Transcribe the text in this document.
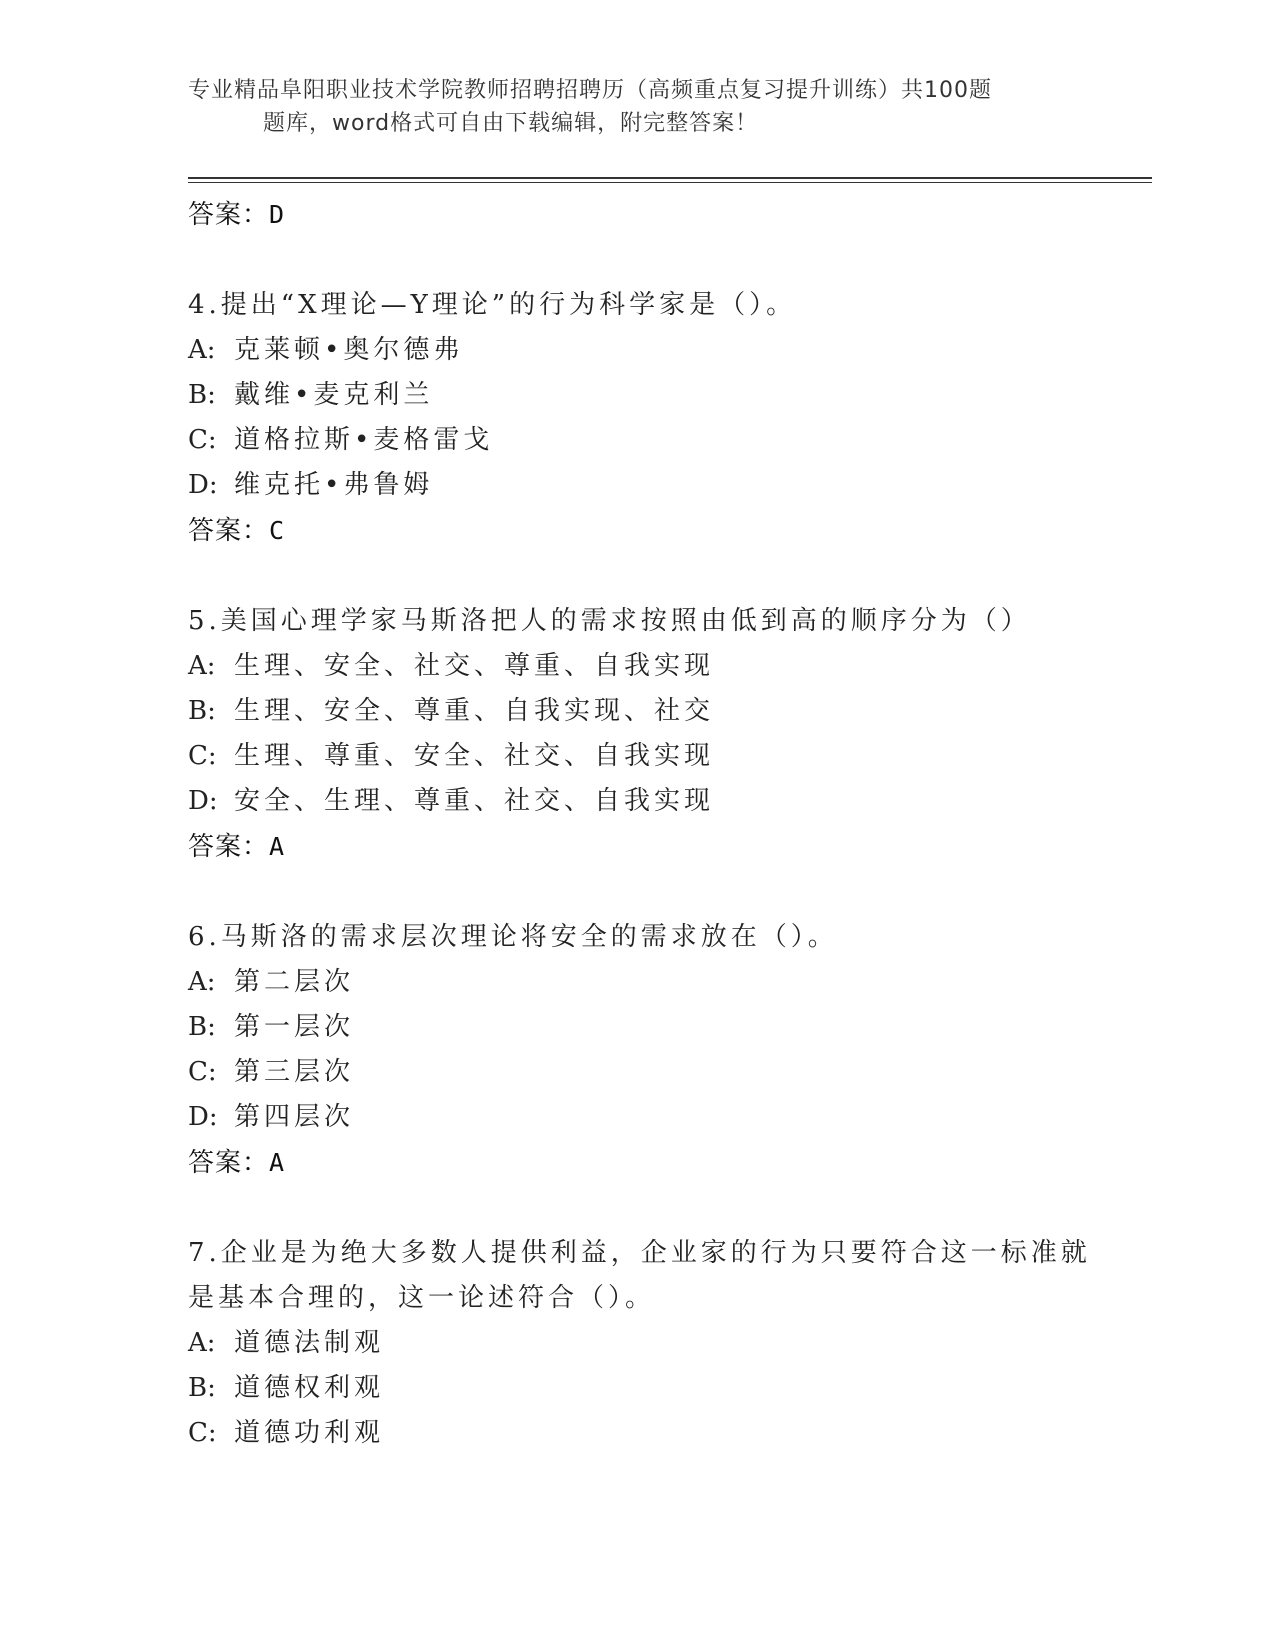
专业精品阜阳职业技术学院教师招聘招聘历（高频重点复习提升训练）共100题
题库，word格式可自由下载编辑，附完整答案！
答案：D
4.提出“X理论—Y理论”的行为科学家是（）。
A: 克莱顿•奥尔德弗
B: 戴维•麦克利兰
C: 道格拉斯•麦格雷戈
D: 维克托•弗鲁姆
答案：C
5.美国心理学家马斯洛把人的需求按照由低到高的顺序分为（）
A: 生理、安全、社交、尊重、自我实现
B: 生理、安全、尊重、自我实现、社交
C: 生理、尊重、安全、社交、自我实现
D: 安全、生理、尊重、社交、自我实现
答案：A
6.马斯洛的需求层次理论将安全的需求放在（）。
A: 第二层次
B: 第一层次
C: 第三层次
D: 第四层次
答案：A
7.企业是为绝大多数人提供利益，企业家的行为只要符合这一标准就
是基本合理的，这一论述符合（）。
A: 道德法制观
B: 道德权利观
C: 道德功利观
